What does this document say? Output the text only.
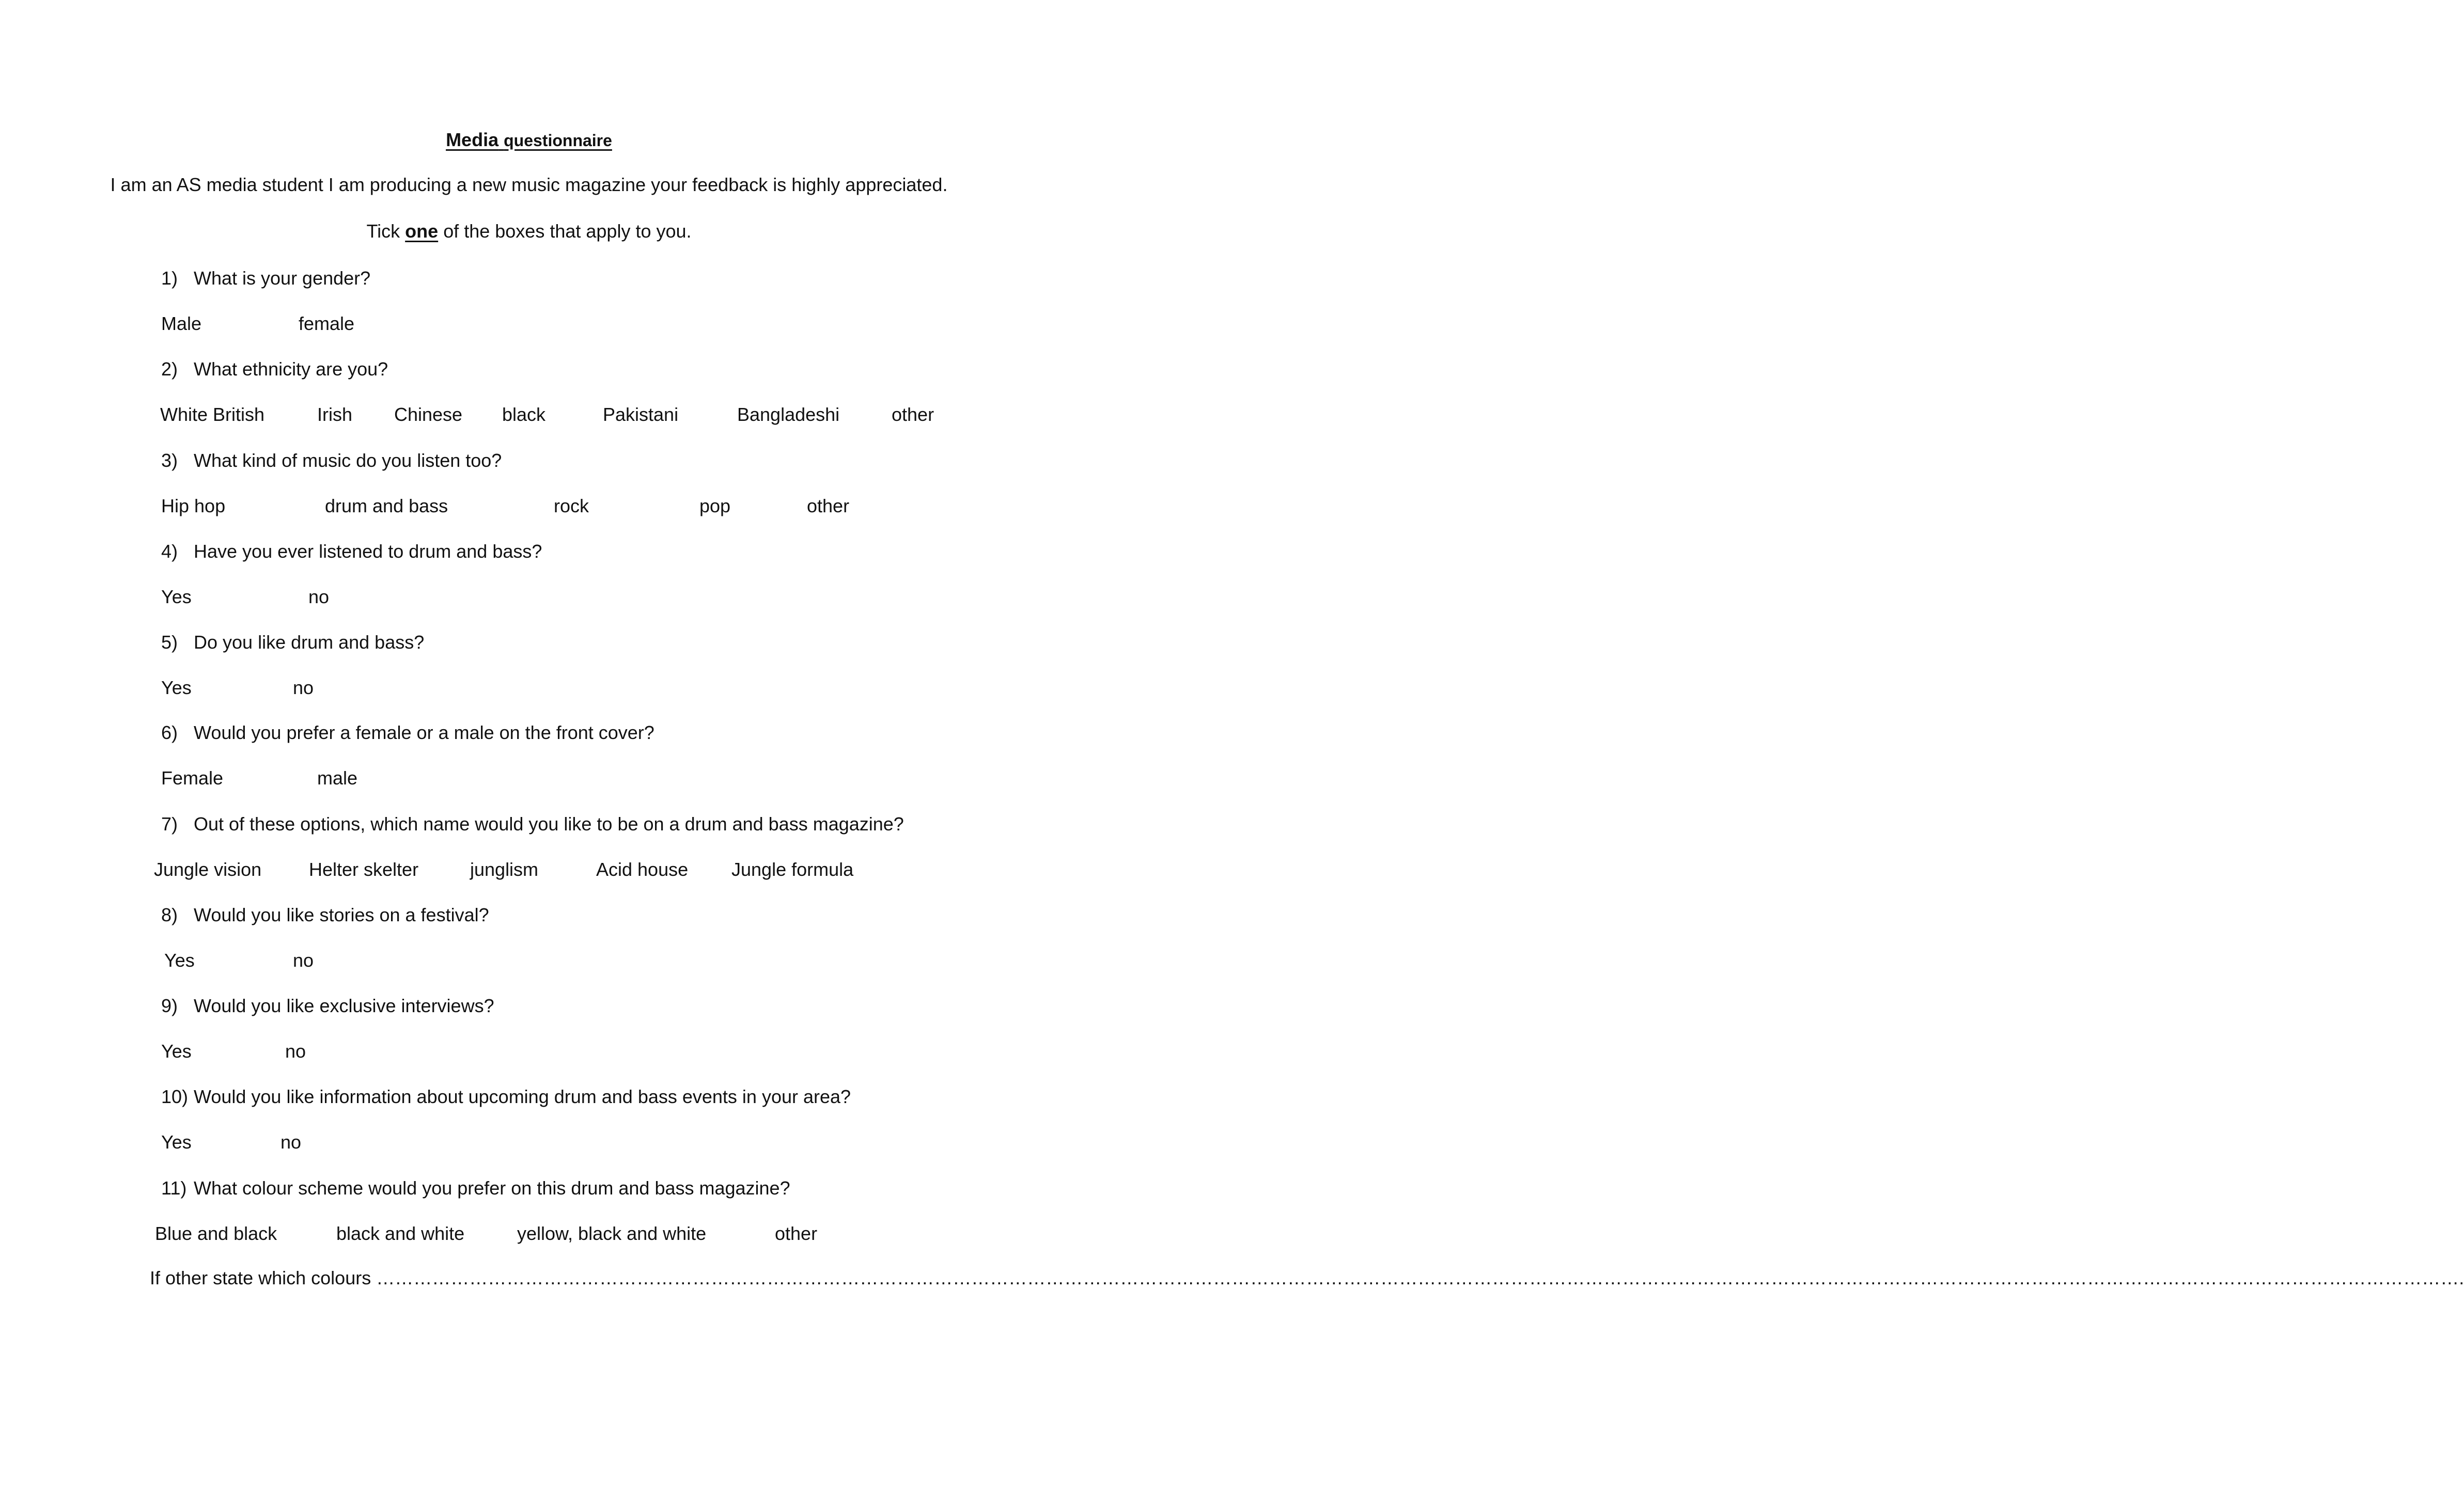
Media questionnaire
I am an AS media student I am producing a new music magazine your feedback is highly appreciated.
Tick one of the boxes that apply to you.
1) What is your gender?
Male	female
2) What ethnicity are you?
White British	Irish Chinese black	Pakistani	Bangladeshi	other
3) What kind of music do you listen too?
Hip hop	drum and bass	rock	pop	other
4) Have you ever listened to drum and bass?
Yes	no
5) Do you like drum and bass?
Yes	no
6) Would you prefer a female or a male on the front cover?
Female	male
7) Out of these options, which name would you like to be on a drum and bass magazine?
Jungle vision	Helter skelter	junglism	Acid house Jungle formula
8) Would you like stories on a festival?
Yes	no
9) Would you like exclusive interviews?
Yes	no
10) Would you like information about upcoming drum and bass events in your area?
Yes	no
11) What colour scheme would you prefer on this drum and bass magazine?
Blue and black	black and white	yellow, black and white	other
If other state which colours ………………………………………………………………………………………………………………………………………………………………………………………………………………………………………………………………………………………………………….
